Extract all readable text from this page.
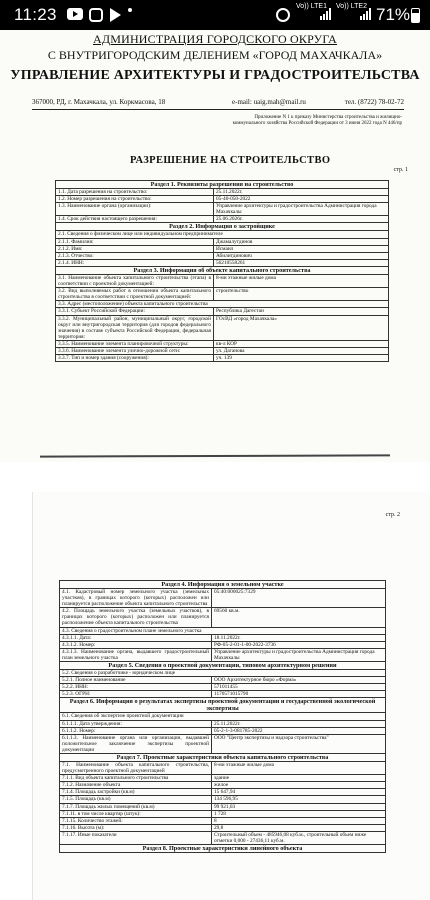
11:23	Vo)) LTE1 Vo)) LTE2 71%
АДМИНИСТРАЦИЯ ГОРОДСКОГО ОКРУГА
С ВНУТРИГОРОДСКИМ ДЕЛЕНИЕМ «ГОРОД МАХАЧКАЛА»
УПРАВЛЕНИЕ АРХИТЕКТУРЫ И ГРАДОСТРОИТЕЛЬСТВА
367000, РД, г. Махачкала, ул. Коркмасова, 18	e-mail: uaig.mah@mail.ru	тел. (8722) 78-02-72

Приложение N 1 к приказу Министерства строительства и жилищно-коммунального хозяйства Российской Федерации от 3 июня 2022 года N 446/пр
РАЗРЕШЕНИЕ НА СТРОИТЕЛЬСТВО
стр. 1
Раздел 1. Реквизиты разрешения на строительство	
1.1. Дата разрешения на строительство:	25.11.2022г.
1.2. Номер разрешения на строительство:	05-40-050-2022
1.3. Наименование органа (организации):	Управление архитектуры и градостроительства Администрация города Махачкалы
1.4. Срок действия настоящего разрешения:	25.06.2026г.
Раздел 2. Информация о застройщике	
2.1. Сведения о физическом лице или индивидуальном предпринимателе	
2.1.1. Фамилия:	Джамалутдинов
2.1.2. Имя:	Исмаил
2.1.3. Отчество:	Абилитдинович
2.1.4. ИНН:	56210558261
Раздел 3. Информация об объекте капитального строительства	
3.1. Наименование объекта капитального строительства (этапа) в соответствии с проектной документацией:	8-ми этажные жилые дома
3.2. Вид выполняемых работ в отношении объекта капитального строительства в соответствии с проектной документацией:	строительство
3.3. Адрес (местоположение) объекта капитального строительства	
3.3.1. Субъект Российской Федерации:	Республика Дагестан
3.3.2. Муниципальный район, муниципальный округ, городской округ или внутригородская территория (для городов федерального значения) в составе субъекта Российской Федерации, федеральная территория:	ГОсВД «город Махачкала»
3.3.5. Наименование элемента планировочной структуры:	кв-л КОР
3.3.6. Наименование элемента улично-дорожной сети:	ул. Даганова
3.3.7. Тип и номер здания (сооружения):	уч. 139
стр. 2
Раздел 4. Информация о земельном участке	
4.1. Кадастровый номер земельного участка (земельных участков), в границах которого (которых) расположен или планируется расположение объекта капитального строительства	05:40:000025:7329
4.2. Площадь земельного участка (земельных участков), в границах которого (которых) расположен или планируется расположение объекта капитального строительства	69560 кв.м.
4.3. Сведения о градостроительном плане земельного участка	
4.3.1.1. Дата:	18.11.2022г.
4.3.1.2. Номер:	РФ-05-2-01-1-00-2022-3736
4.3.1.3. Наименование органа, выдавшего градостроительный план земельного участка	Управление архитектуры и градостроительства Администрация города Махачкалы
Раздел 5. Сведения о проектной документации, типовом архитектурном решении	
5.2. Сведения о разработчике - юридическом лице	
5.2.1. Полное наименование	ООО Архитектурное бюро «Форма»
5.2.2. ИНН:	571011455
5.2.3. ОГРН:	1170571015790
Раздел 6. Информация о результатах экспертизы проектной документации и государственной экологической экспертизы	
6.1. Сведения об экспертизе проектной документации	
6.1.1.1. Дата утверждения:	25.11.2022г.
6.1.1.2. Номер:	05-2-1-3-081785-2022
6.1.1.3. Наименование органа или организации, выдавшей положительное заключение экспертизы проектной документации	ООО "Центр экспертизы и надзора строительства"
Раздел 7. Проектные характеристики объекта капитального строительства	
7.1. Наименование объекта капитального строительства, предусмотренного проектной документацией	8-ми этажные жилые дома
7.1.1. Вид объекта капитального строительства	здание
7.1.2. Назначение объекта	жилое
7.1.4. Площадь застройки (кв.м)	15 647,94
7.1.5. Площадь (кв.м)	134 596,95
7.1.7. Площадь жилых помещений (кв.м)	99 921,03
7.1.11. в том числе квартир (штук):	1 728
7.1.15. Количество этажей:	8
7.1.16. Высота (м):	29,8
7.1.17. Иные показатели	Строительный объем - 485946,08 куб.м., строительный объем ниже отметки 0,000 - 27436,11 куб.м.
Раздел 8. Проектные характеристики линейного объекта	
